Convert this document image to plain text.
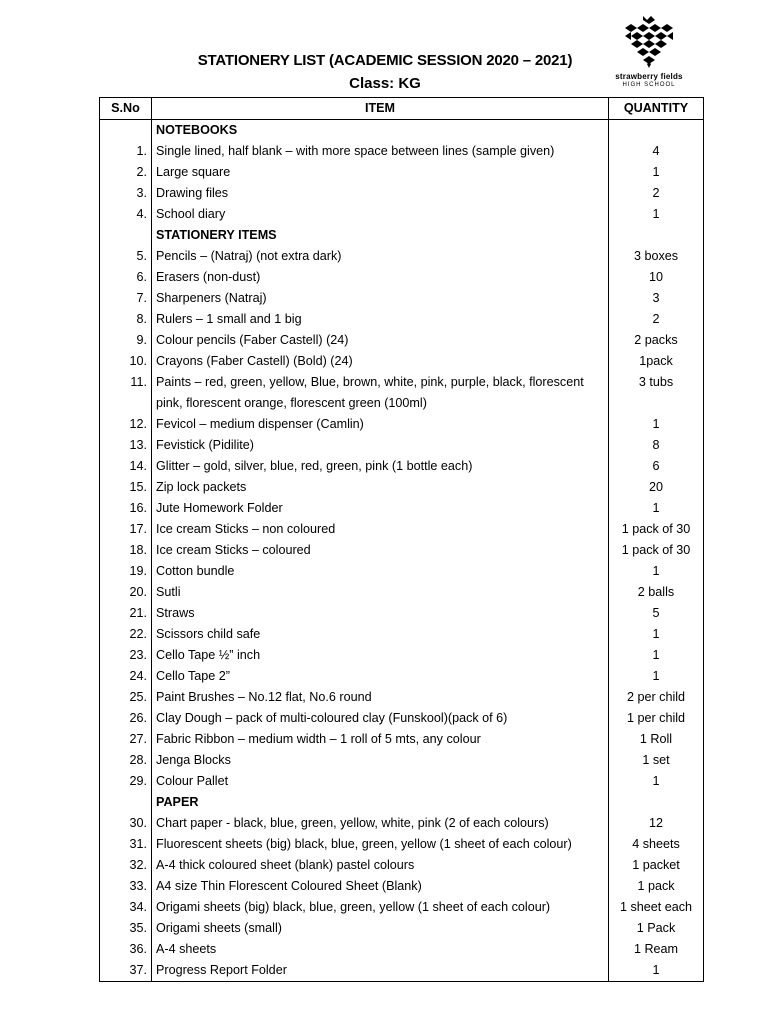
STATIONERY LIST (ACADEMIC SESSION 2020 – 2021)
Class: KG	strawberry fields
HIGH SCHOOL
S.No	ITEM	QUANTITY
	NOTEBOOKS	
1.	Single lined, half blank – with more space between lines (sample given)	4
2.	Large square	1
3.	Drawing files	2
4.	School diary	1
	STATIONERY ITEMS	
5.	Pencils – (Natraj) (not extra dark)	3 boxes
6.	Erasers (non-dust)	10
7.	Sharpeners (Natraj)	3
8.	Rulers – 1 small and 1 big	2
9.	Colour pencils (Faber Castell) (24)	2 packs
10.	Crayons (Faber Castell) (Bold) (24)	1pack
11.	Paints – red, green, yellow, Blue, brown, white, pink, purple, black, florescent pink, florescent orange, florescent green (100ml)	3 tubs
12.	Fevicol – medium dispenser (Camlin)	1
13.	Fevistick (Pidilite)	8
14.	Glitter – gold, silver, blue, red, green, pink (1 bottle each)	6
15.	Zip lock packets	20
16.	Jute Homework Folder	1
17.	Ice cream Sticks – non coloured	1 pack of 30
18.	Ice cream Sticks – coloured	1 pack of 30
19.	Cotton bundle	1
20.	Sutli	2 balls
21.	Straws	5
22.	Scissors child safe	1
23.	Cello Tape ½” inch	1
24.	Cello Tape 2”	1
25.	Paint Brushes – No.12 flat, No.6 round	2 per child
26.	Clay Dough – pack of multi-coloured clay (Funskool)(pack of 6)	1 per child
27.	Fabric Ribbon – medium width – 1 roll of 5 mts, any colour	1 Roll
28.	Jenga Blocks	1 set
29.	Colour Pallet	1
	PAPER	
30.	Chart paper - black, blue, green, yellow, white, pink (2 of each colours)	12
31.	Fluorescent sheets (big) black, blue, green, yellow (1 sheet of each colour)	4 sheets
32.	A-4 thick coloured sheet (blank) pastel colours	1 packet
33.	A4 size Thin Florescent Coloured Sheet (Blank)	1 pack
34.	Origami sheets (big) black, blue, green, yellow (1 sheet of each colour)	1 sheet each
35.	Origami sheets (small)	1 Pack
36.	A-4 sheets	1 Ream
37.	Progress Report Folder	1
